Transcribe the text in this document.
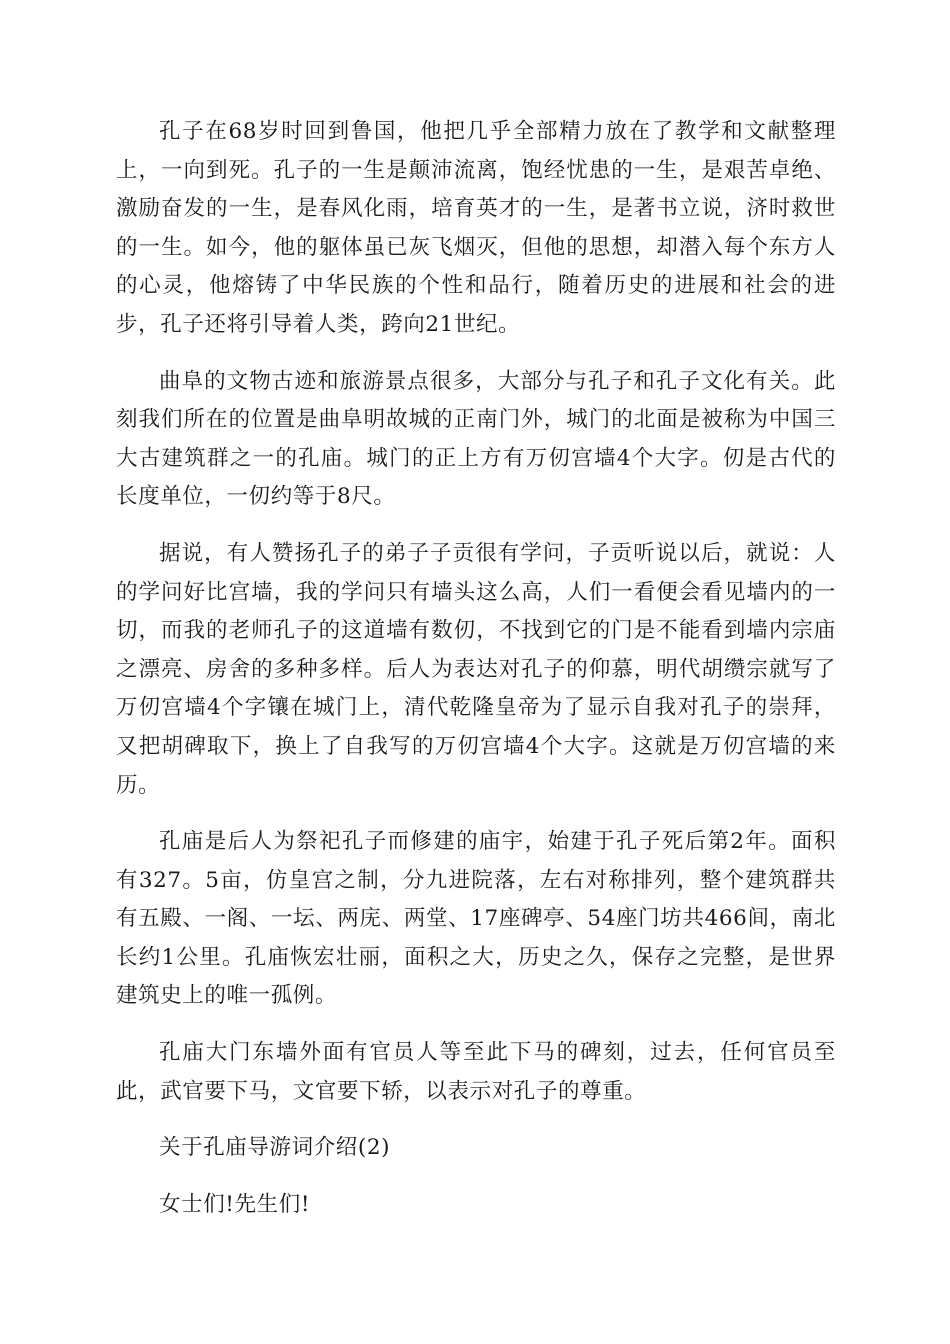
孔子在68岁时回到鲁国，他把几乎全部精力放在了教学和文献整理上，一向到死。孔子的一生是颠沛流离，饱经忧患的一生，是艰苦卓绝、激励奋发的一生，是春风化雨，培育英才的一生，是著书立说，济时救世的一生。如今，他的躯体虽已灰飞烟灭，但他的思想，却潜入每个东方人的心灵，他熔铸了中华民族的个性和品行，随着历史的进展和社会的进步，孔子还将引导着人类，跨向21世纪。

曲阜的文物古迹和旅游景点很多，大部分与孔子和孔子文化有关。此刻我们所在的位置是曲阜明故城的正南门外，城门的北面是被称为中国三大古建筑群之一的孔庙。城门的正上方有万仞宫墙4个大字。仞是古代的长度单位，一仞约等于8尺。

据说，有人赞扬孔子的弟子子贡很有学问，子贡听说以后，就说：人的学问好比宫墙，我的学问只有墙头这么高，人们一看便会看见墙内的一切，而我的老师孔子的这道墙有数仞，不找到它的门是不能看到墙内宗庙之漂亮、房舍的多种多样。后人为表达对孔子的仰慕，明代胡缵宗就写了万仞宫墙4个字镶在城门上，清代乾隆皇帝为了显示自我对孔子的崇拜，又把胡碑取下，换上了自我写的万仞宫墙4个大字。这就是万仞宫墙的来历。

孔庙是后人为祭祀孔子而修建的庙宇，始建于孔子死后第2年。面积有327。5亩，仿皇宫之制，分九进院落，左右对称排列，整个建筑群共有五殿、一阁、一坛、两庑、两堂、17座碑亭、54座门坊共466间，南北长约1公里。孔庙恢宏壮丽，面积之大，历史之久，保存之完整，是世界建筑史上的唯一孤例。

孔庙大门东墙外面有官员人等至此下马的碑刻，过去，任何官员至此，武官要下马，文官要下轿，以表示对孔子的尊重。

关于孔庙导游词介绍(2)

女士们!先生们!
